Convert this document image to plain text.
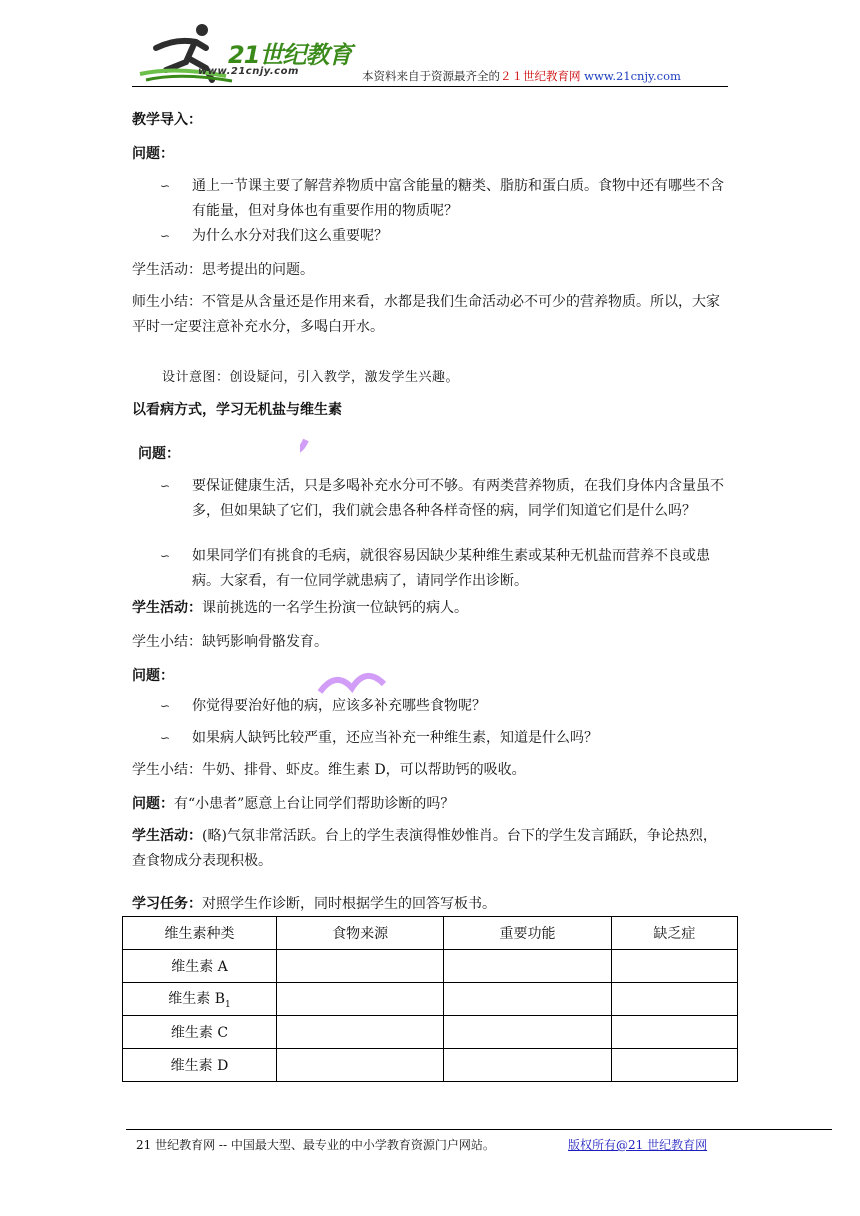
21世纪教育
www.21cnjy.com	本资料来自于资源最齐全的２１世纪教育网 www.21cnjy.com
教学导入：
问题：
∽ 通上一节课主要了解营养物质中富含能量的糖类、脂肪和蛋白质。食物中还有哪些不含有能量，但对身体也有重要作用的物质呢？
∽ 为什么水分对我们这么重要呢？
学生活动：思考提出的问题。
师生小结：不管是从含量还是作用来看，水都是我们生命活动必不可少的营养物质。所以，大家平时一定要注意补充水分，多喝白开水。
设计意图：创设疑问，引入教学，激发学生兴趣。
以看病方式，学习无机盐与维生素
问题：
∽ 要保证健康生活，只是多喝补充水分可不够。有两类营养物质，在我们身体内含量虽不多，但如果缺了它们，我们就会患各种各样奇怪的病，同学们知道它们是什么吗？
∽ 如果同学们有挑食的毛病，就很容易因缺少某种维生素或某种无机盐而营养不良或患病。大家看，有一位同学就患病了，请同学作出诊断。
学生活动：课前挑选的一名学生扮演一位缺钙的病人。
学生小结：缺钙影响骨骼发育。
问题：
∽ 你觉得要治好他的病，应该多补充哪些食物呢？
∽ 如果病人缺钙比较严重，还应当补充一种维生素，知道是什么吗？
学生小结：牛奶、排骨、虾皮。维生素 D，可以帮助钙的吸收。
问题：有“小患者”愿意上台让同学们帮助诊断的吗？
学生活动：(略)气氛非常活跃。台上的学生表演得惟妙惟肖。台下的学生发言踊跃，争论热烈，查食物成分表现积极。
学习任务：对照学生作诊断，同时根据学生的回答写板书。
维生素种类	食物来源	重要功能	缺乏症
维生素 A			
维生素 $B_1$			
维生素 C			
维生素 D			
21 世纪教育网 -- 中国最大型、最专业的中小学教育资源门户网站。	版权所有@21 世纪教育网
